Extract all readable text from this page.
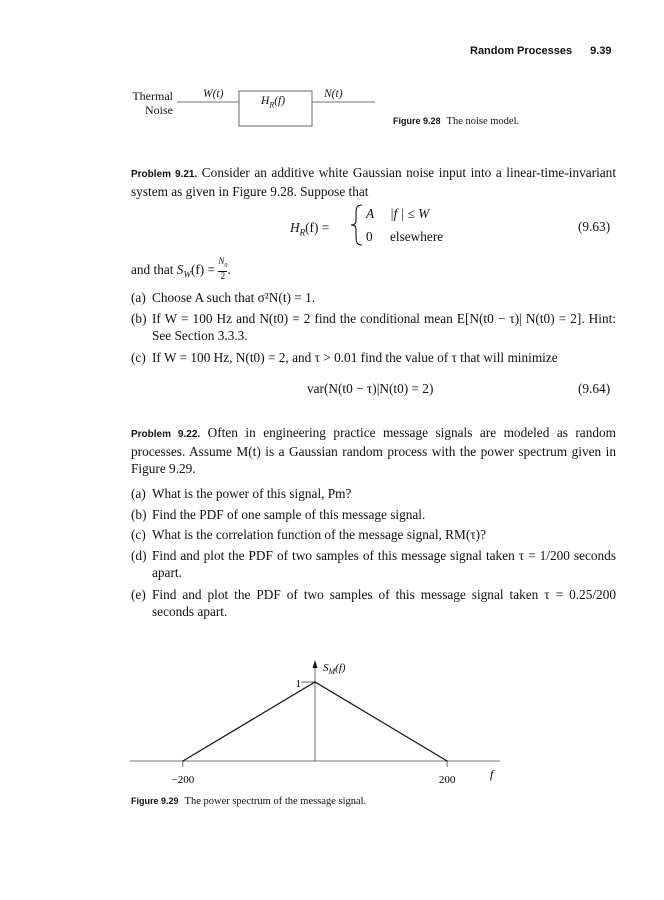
Random Processes 9.39
Thermal
Noise
W(t)
$H_R(f)$
N(t)
Figure 9.28 The noise model.
Problem 9.21. Consider an additive white Gaussian noise input into a linear-time-invariant system as given in Figure 9.28. Suppose that
$H_R(f)$ =
A |f | ≤ W
0 elsewhere
(9.63)
and that $S_W(f) = \frac{N_0}{2}$ .
(a) Choose A such that σ²N(t) = 1.
(b) If W = 100 Hz and N(t0) = 2 find the conditional mean E[N(t0 − τ)| N(t0) = 2]. Hint: See Section 3.3.3.
(c) If W = 100 Hz, N(t0) = 2, and τ > 0.01 find the value of τ that will minimize
var(N(t0 − τ)|N(t0) = 2)	(9.64)
Problem 9.22. Often in engineering practice message signals are modeled as random processes. Assume M(t) is a Gaussian random process with the power spectrum given in Figure 9.29.
(a) What is the power of this signal, Pm?
(b) Find the PDF of one sample of this message signal.
(c) What is the correlation function of the message signal, RM(τ)?
(d) Find and plot the PDF of two samples of this message signal taken τ = 1/200 seconds apart.
(e) Find and plot the PDF of two samples of this message signal taken τ = 0.25/200 seconds apart.
1
$S_M(f)$
f
−200	200
Figure 9.29 The power spectrum of the message signal.
